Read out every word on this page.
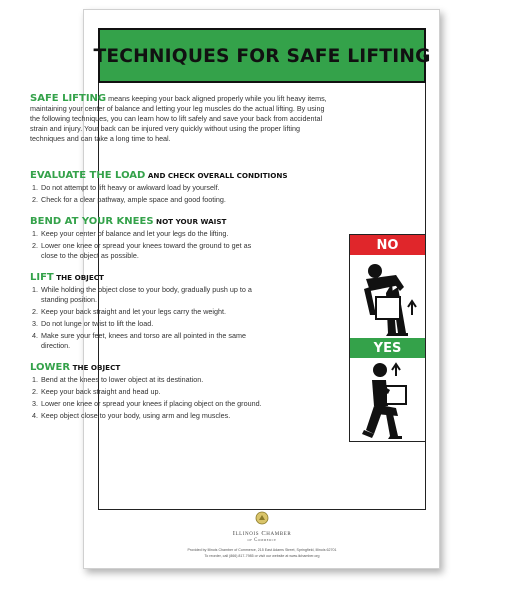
TECHNIQUES FOR SAFE LIFTING
NO
YES
Illinois Chamber
of Commerce
Provided by Illinois Chamber of Commerce, 215 East Adams Street, Springfield, Illinois 62701
To reorder, call (866) 817-7985 or visit our website at www.ilchamber.org

SAFE LIFTING means keeping your back aligned properly while you lift heavy items, maintaining your center of balance and letting your leg muscles do the actual lifting. By using the following techniques, you can learn how to lift safely and save your back from accidental strain and injury. Your back can be injured very quickly without using the proper lifting techniques and can take a long time to heal.

EVALUATE THE LOAD AND CHECK OVERALL CONDITIONS
1. Do not attempt to lift heavy or awkward load by yourself.
2. Check for a clear pathway, ample space and good footing.
BEND AT YOUR KNEES NOT YOUR WAIST
1. Keep your center of balance and let your legs do the lifting.
2. Lower one knee or spread your knees toward the ground to get as close to the object as possible.
LIFT THE OBJECT
1. While holding the object close to your body, gradually push up to a standing position.
2. Keep your back straight and let your legs carry the weight.
3. Do not lunge or twist to lift the load.
4. Make sure your feet, knees and torso are all pointed in the same direction.
LOWER THE OBJECT
1. Bend at the knees to lower object at its destination.
2. Keep your back straight and head up.
3. Lower one knee or spread your knees if placing object on the ground.
4. Keep object close to your body, using arm and leg muscles.
